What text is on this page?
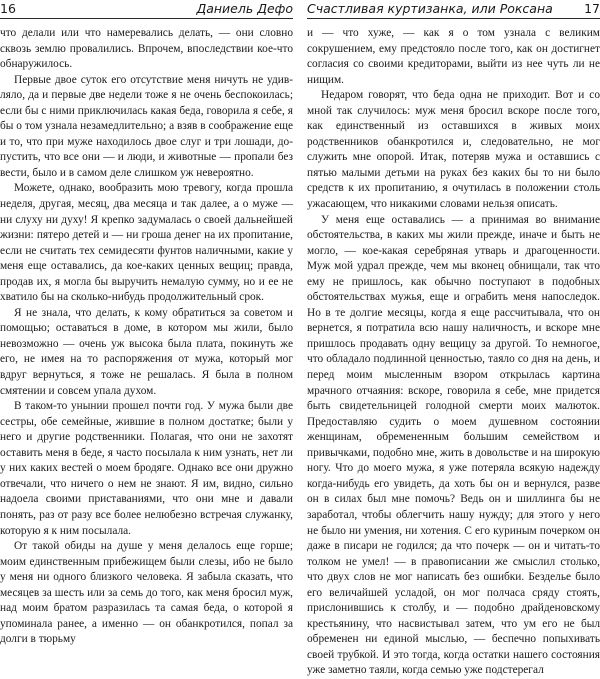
16	Даниель Дефо

что делали или что намеревались делать, — они словно сквозь землю провалились. Впрочем, впоследствии кое-что обнаружилось.

Первые двое суток его отсутствие меня ничуть не удивляло, да и первые две недели тоже я не очень беспокоилась; если бы с ними приключилась какая беда, говорила я себе, я бы о том узнала незамедлительно; а взяв в соображение еще и то, что при муже находилось двое слуг и три лошади, допустить, что все они — и люди, и животные — пропали без вести, было и в самом деле слишком уж невероятно.

Можете, однако, вообразить мою тревогу, когда прошла неделя, другая, месяц, два месяца и так далее, а о муже — ни слуху ни духу! Я крепко задумалась о своей дальнейшей жизни: пятеро детей и — ни гроша денег на их пропитание, если не считать тех семидесяти фунтов наличными, какие у меня еще оставались, да кое-каких ценных вещиц; правда, продав их, я могла бы выручить немалую сумму, но и ее не хватило бы на сколько-нибудь продолжительный срок.

Я не знала, что делать, к кому обратиться за советом и помощью; оставаться в доме, в котором мы жили, было невозможно — очень уж высока была плата, покинуть же его, не имея на то распоряжения от мужа, который мог вдруг вернуться, я тоже не решалась. Я была в полном смятении и совсем упала духом.

В таком-то унынии прошел почти год. У мужа были две сестры, обе семейные, жившие в полном достатке; были у него и другие родственники. Полагая, что они не захотят оставить меня в беде, я часто посылала к ним узнать, нет ли у них каких вестей о моем бродяге. Однако все они дружно отвечали, что ничего о нем не знают. Я им, видно, сильно надоела своими приставаниями, что они мне и давали понять, раз от разу все более нелюбезно встречая служанку, которую я к ним посылала.

От такой обиды на душе у меня делалось еще горше; моим единственным прибежищем были слезы, ибо не было у меня ни одного близкого человека. Я забыла сказать, что месяцев за шесть или за семь до того, как меня бросил муж, над моим братом разразилась та самая беда, о которой я упоминала ранее, а именно — он обанкротился, попал за долги в тюрьму

Счастливая куртизанка, или Роксана	17

и — что хуже, — как я о том узнала с великим сокрушением, ему предстояло после того, как он достигнет согласия со своими кредиторами, выйти из нее чуть ли не нищим.

Недаром говорят, что беда одна не приходит. Вот и со мной так случилось: муж меня бросил вскоре после того, как единственный из оставшихся в живых моих родственников обанкротился и, следовательно, не мог служить мне опорой. Итак, потеряв мужа и оставшись с пятью малыми детьми на руках без каких бы то ни было средств к их пропитанию, я очутилась в положении столь ужасающем, что никакими словами нельзя описать.

У меня еще оставались — а принимая во внимание обстоятельства, в каких мы жили прежде, иначе и быть не могло, — кое-какая серебряная утварь и драгоценности. Муж мой удрал прежде, чем мы вконец обнищали, так что ему не пришлось, как обычно поступают в подобных обстоятельствах мужья, еще и ограбить меня напоследок. Но в те долгие месяцы, когда я еще рассчитывала, что он вернется, я потратила всю нашу наличность, и вскоре мне пришлось продавать одну вещицу за другой. То немногое, что обладало подлинной ценностью, таяло со дня на день, и перед моим мысленным взором открылась картина мрачного отчаяния: вскоре, говорила я себе, мне придется быть свидетельницей голодной смерти моих малюток. Предоставляю судить о моем душевном состоянии женщинам, обремененным большим семейством и привычками, подобно мне, жить в довольстве и на широкую ногу. Что до моего мужа, я уже потеряла всякую надежду когда-нибудь его увидеть, да хоть бы он и вернулся, разве он в силах был мне помочь? Ведь он и шиллинга бы не заработал, чтобы облегчить нашу нужду; для этого у него не было ни умения, ни хотения. С его куриным почерком он даже в писари не годился; да что почерк — он и читать-то толком не умел! — в правописании же смыслил столько, что двух слов не мог написать без ошибки. Безделье было его величайшей усладой, он мог полчаса сряду стоять, прислонившись к столбу, и — подобно драйденовскому крестьянину, что насвистывал затем, что ум его не был обременен ни единой мыслью, — беспечно попыхивать своей трубкой. И это тогда, когда остатки нашего состояния уже заметно таяли, когда семью уже подстерегал
